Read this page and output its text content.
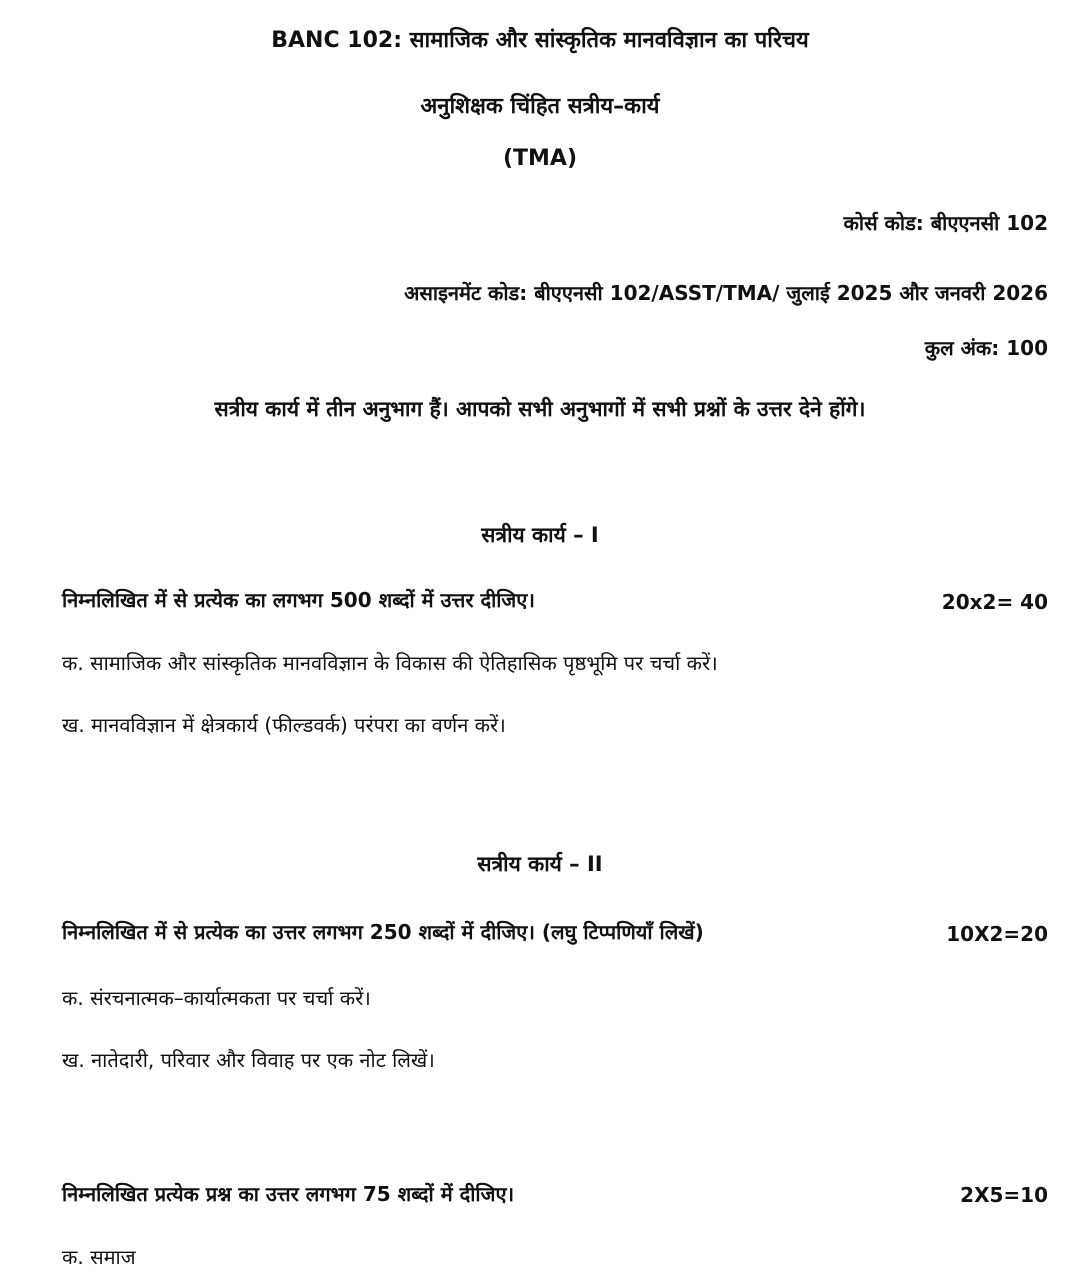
BANC 102: सामाजिक और सांस्कृतिक मानवविज्ञान का परिचय
अनुशिक्षक चिंहित सत्रीय–कार्य
(TMA)
कोर्स कोड: बीएएनसी 102
असाइनमेंट कोड: बीएएनसी 102/ASST/TMA/ जुलाई 2025 और जनवरी 2026
कुल अंक: 100
सत्रीय कार्य में तीन अनुभाग हैं। आपको सभी अनुभागों में सभी प्रश्नों के उत्तर देने होंगे।
सत्रीय कार्य – I
निम्नलिखित में से प्रत्येक का लगभग 500 शब्दों में उत्तर दीजिए।	20x2= 40
क. सामाजिक और सांस्कृतिक मानवविज्ञान के विकास की ऐतिहासिक पृष्ठभूमि पर चर्चा करें।
ख. मानवविज्ञान में क्षेत्रकार्य (फील्डवर्क) परंपरा का वर्णन करें।
सत्रीय कार्य – II
निम्नलिखित में से प्रत्येक का उत्तर लगभग 250 शब्दों में दीजिए। (लघु टिप्पणियाँ लिखें)	10X2=20
क. संरचनात्मक–कार्यात्मकता पर चर्चा करें।
ख. नातेदारी, परिवार और विवाह पर एक नोट लिखें।
निम्नलिखित प्रत्येक प्रश्न का उत्तर लगभग 75 शब्दों में दीजिए।	2X5=10
क. समाज
